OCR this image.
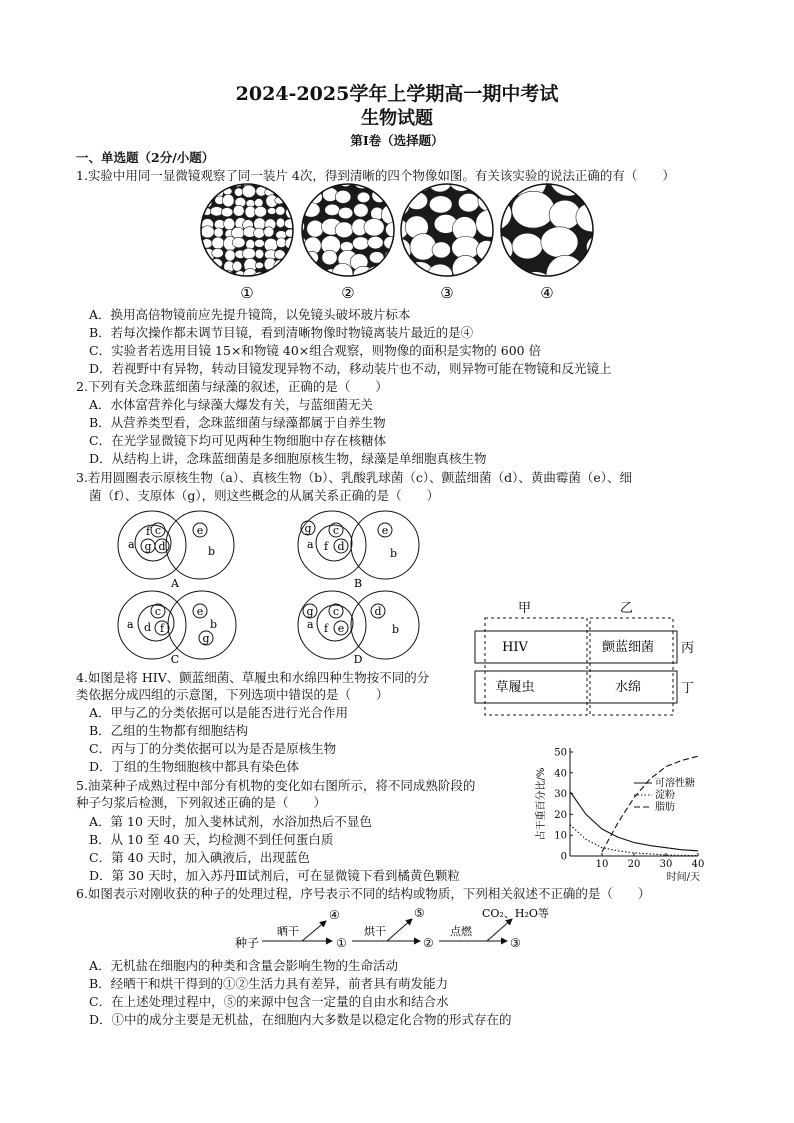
2024-2025学年上学期高一期中考试
生物试题
第Ⅰ卷（选择题）
一、单选题（2分/小题）
1.实验中用同一显微镜观察了同一装片 4次，得到清晰的四个物像如图。有关该实验的说法正确的有（　　）
①	②	③	④
A．换用高倍物镜前应先提升镜筒，以免镜头破坏玻片标本
B．若每次操作都未调节目镜，看到清晰物像时物镜离装片最近的是④
C．实验者若选用目镜 15×和物镜 40×组合观察，则物像的面积是实物的 600 倍
D．若视野中有异物，转动目镜发现异物不动，移动装片也不动，则异物可能在物镜和反光镜上
2.下列有关念珠蓝细菌与绿藻的叙述，正确的是（　　）
A．水体富营养化与绿藻大爆发有关，与蓝细菌无关
B．从营养类型看，念珠蓝细菌与绿藻都属于自养生物
C．在光学显微镜下均可见两种生物细胞中存在核糖体
D．从结构上讲，念珠蓝细菌是多细胞原核生物，绿藻是单细胞真核生物
3.若用圆圈表示原核生物（a）、真核生物（b）、乳酸乳球菌（c）、颤蓝细菌（d）、黄曲霉菌（e）、细
菌（f）、支原体（g），则这些概念的从属关系正确的是（　　）
c
g d
f
a
e
b
A
g c
d
f
a
e
b
B
c
f
d
a
e
b
g
C
g c
e
f
a
d
b
D
甲	乙
丙
丁
HIV	颤蓝细菌
草履虫	水绵
4.如图是将 HIV、颤蓝细菌、草履虫和水绵四种生物按不同的分
类依据分成四组的示意图，下列选项中错误的是（　　）
A．甲与乙的分类依据可以是能否进行光合作用
B．乙组的生物都有细胞结构
C．丙与丁的分类依据可以为是否是原核生物
D．丁组的生物细胞核中都具有染色体
0
10
20
30
40
50
10 20 30 40
时间/天
占干重百分比/%	可溶性糖
淀粉
脂肪
5.油菜种子成熟过程中部分有机物的变化如右图所示，将不同成熟阶段的
种子匀浆后检测，下列叙述正确的是（　　）
A．第 10 天时，加入斐林试剂，水浴加热后不显色
B．从 10 至 40 天，均检测不到任何蛋白质
C．第 40 天时，加入碘液后，出现蓝色
D．第 30 天时，加入苏丹Ⅲ试剂后，可在显微镜下看到橘黄色颗粒
6.如图表示对刚收获的种子的处理过程，序号表示不同的结构或物质，下列相关叙述不正确的是（　　）
种子
晒干
④
①
烘干
⑤
②
点燃
CO₂、H₂O等
③
A．无机盐在细胞内的种类和含量会影响生物的生命活动
B．经晒干和烘干得到的①②生活力具有差异，前者具有萌发能力
C．在上述处理过程中，⑤的来源中包含一定量的自由水和结合水
D．①中的成分主要是无机盐，在细胞内大多数是以稳定化合物的形式存在的
